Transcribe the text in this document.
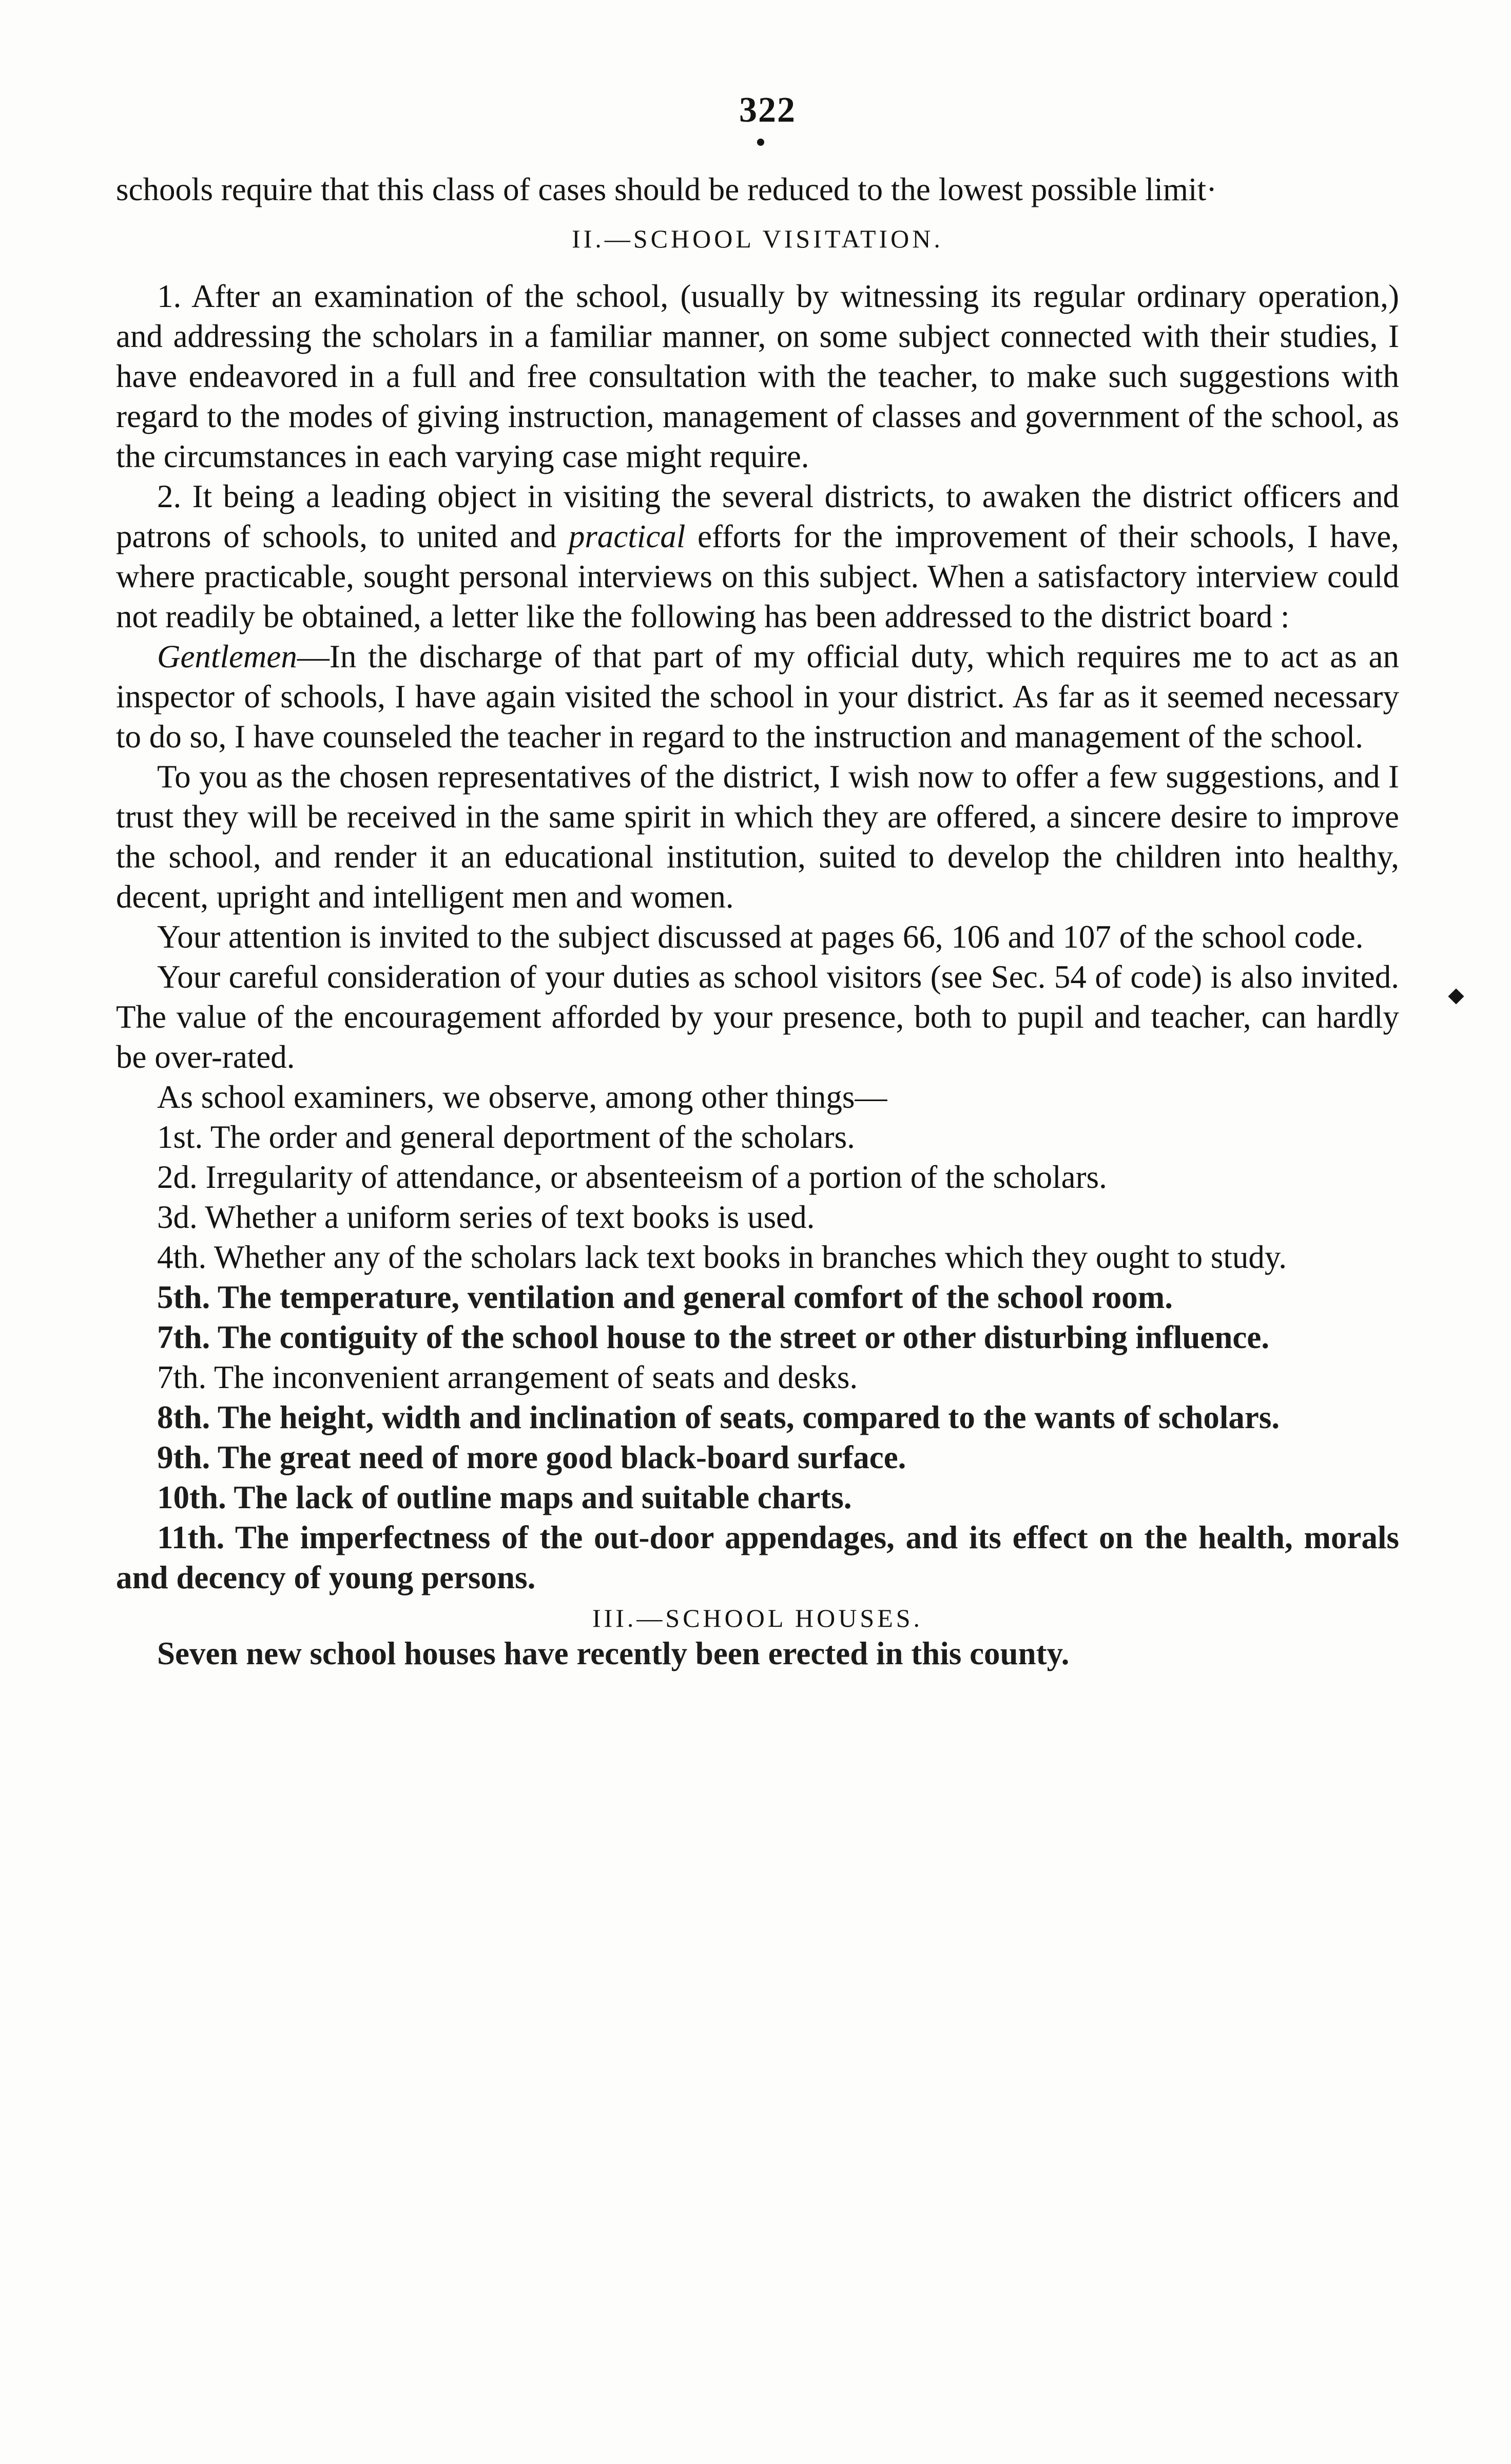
322

schools require that this class of cases should be reduced to the lowest possible limit·

II.—SCHOOL VISITATION.

1. After an examination of the school, (usually by witnessing its regular ordinary operation,) and addressing the scholars in a familiar manner, on some subject connected with their studies, I have endeavored in a full and free consultation with the teacher, to make such suggestions with regard to the modes of giving instruction, management of classes and government of the school, as the circumstances in each varying case might require.

2. It being a leading object in visiting the several districts, to awaken the district officers and patrons of schools, to united and practical efforts for the improvement of their schools, I have, where practicable, sought personal interviews on this subject. When a satisfactory interview could not readily be obtained, a letter like the following has been addressed to the district board :

Gentlemen—In the discharge of that part of my official duty, which requires me to act as an inspector of schools, I have again visited the school in your district. As far as it seemed necessary to do so, I have counseled the teacher in regard to the instruction and management of the school.

To you as the chosen representatives of the district, I wish now to offer a few suggestions, and I trust they will be received in the same spirit in which they are offered, a sincere desire to improve the school, and render it an educational institution, suited to develop the children into healthy, decent, upright and intelligent men and women.

Your attention is invited to the subject discussed at pages 66, 106 and 107 of the school code.

Your careful consideration of your duties as school visitors (see Sec. 54 of code) is also invited. The value of the encouragement afforded by your presence, both to pupil and teacher, can hardly be over-rated.

As school examiners, we observe, among other things—

1st. The order and general deportment of the scholars.

2d. Irregularity of attendance, or absenteeism of a portion of the scholars.

3d. Whether a uniform series of text books is used.

4th. Whether any of the scholars lack text books in branches which they ought to study.

5th. The temperature, ventilation and general comfort of the school room.

7th. The contiguity of the school house to the street or other disturbing influence.

7th. The inconvenient arrangement of seats and desks.

8th. The height, width and inclination of seats, compared to the wants of scholars.

9th. The great need of more good black-board surface.

10th. The lack of outline maps and suitable charts.

11th. The imperfectness of the out-door appendages, and its effect on the health, morals and decency of young persons.

III.—SCHOOL HOUSES.

Seven new school houses have recently been erected in this county.
